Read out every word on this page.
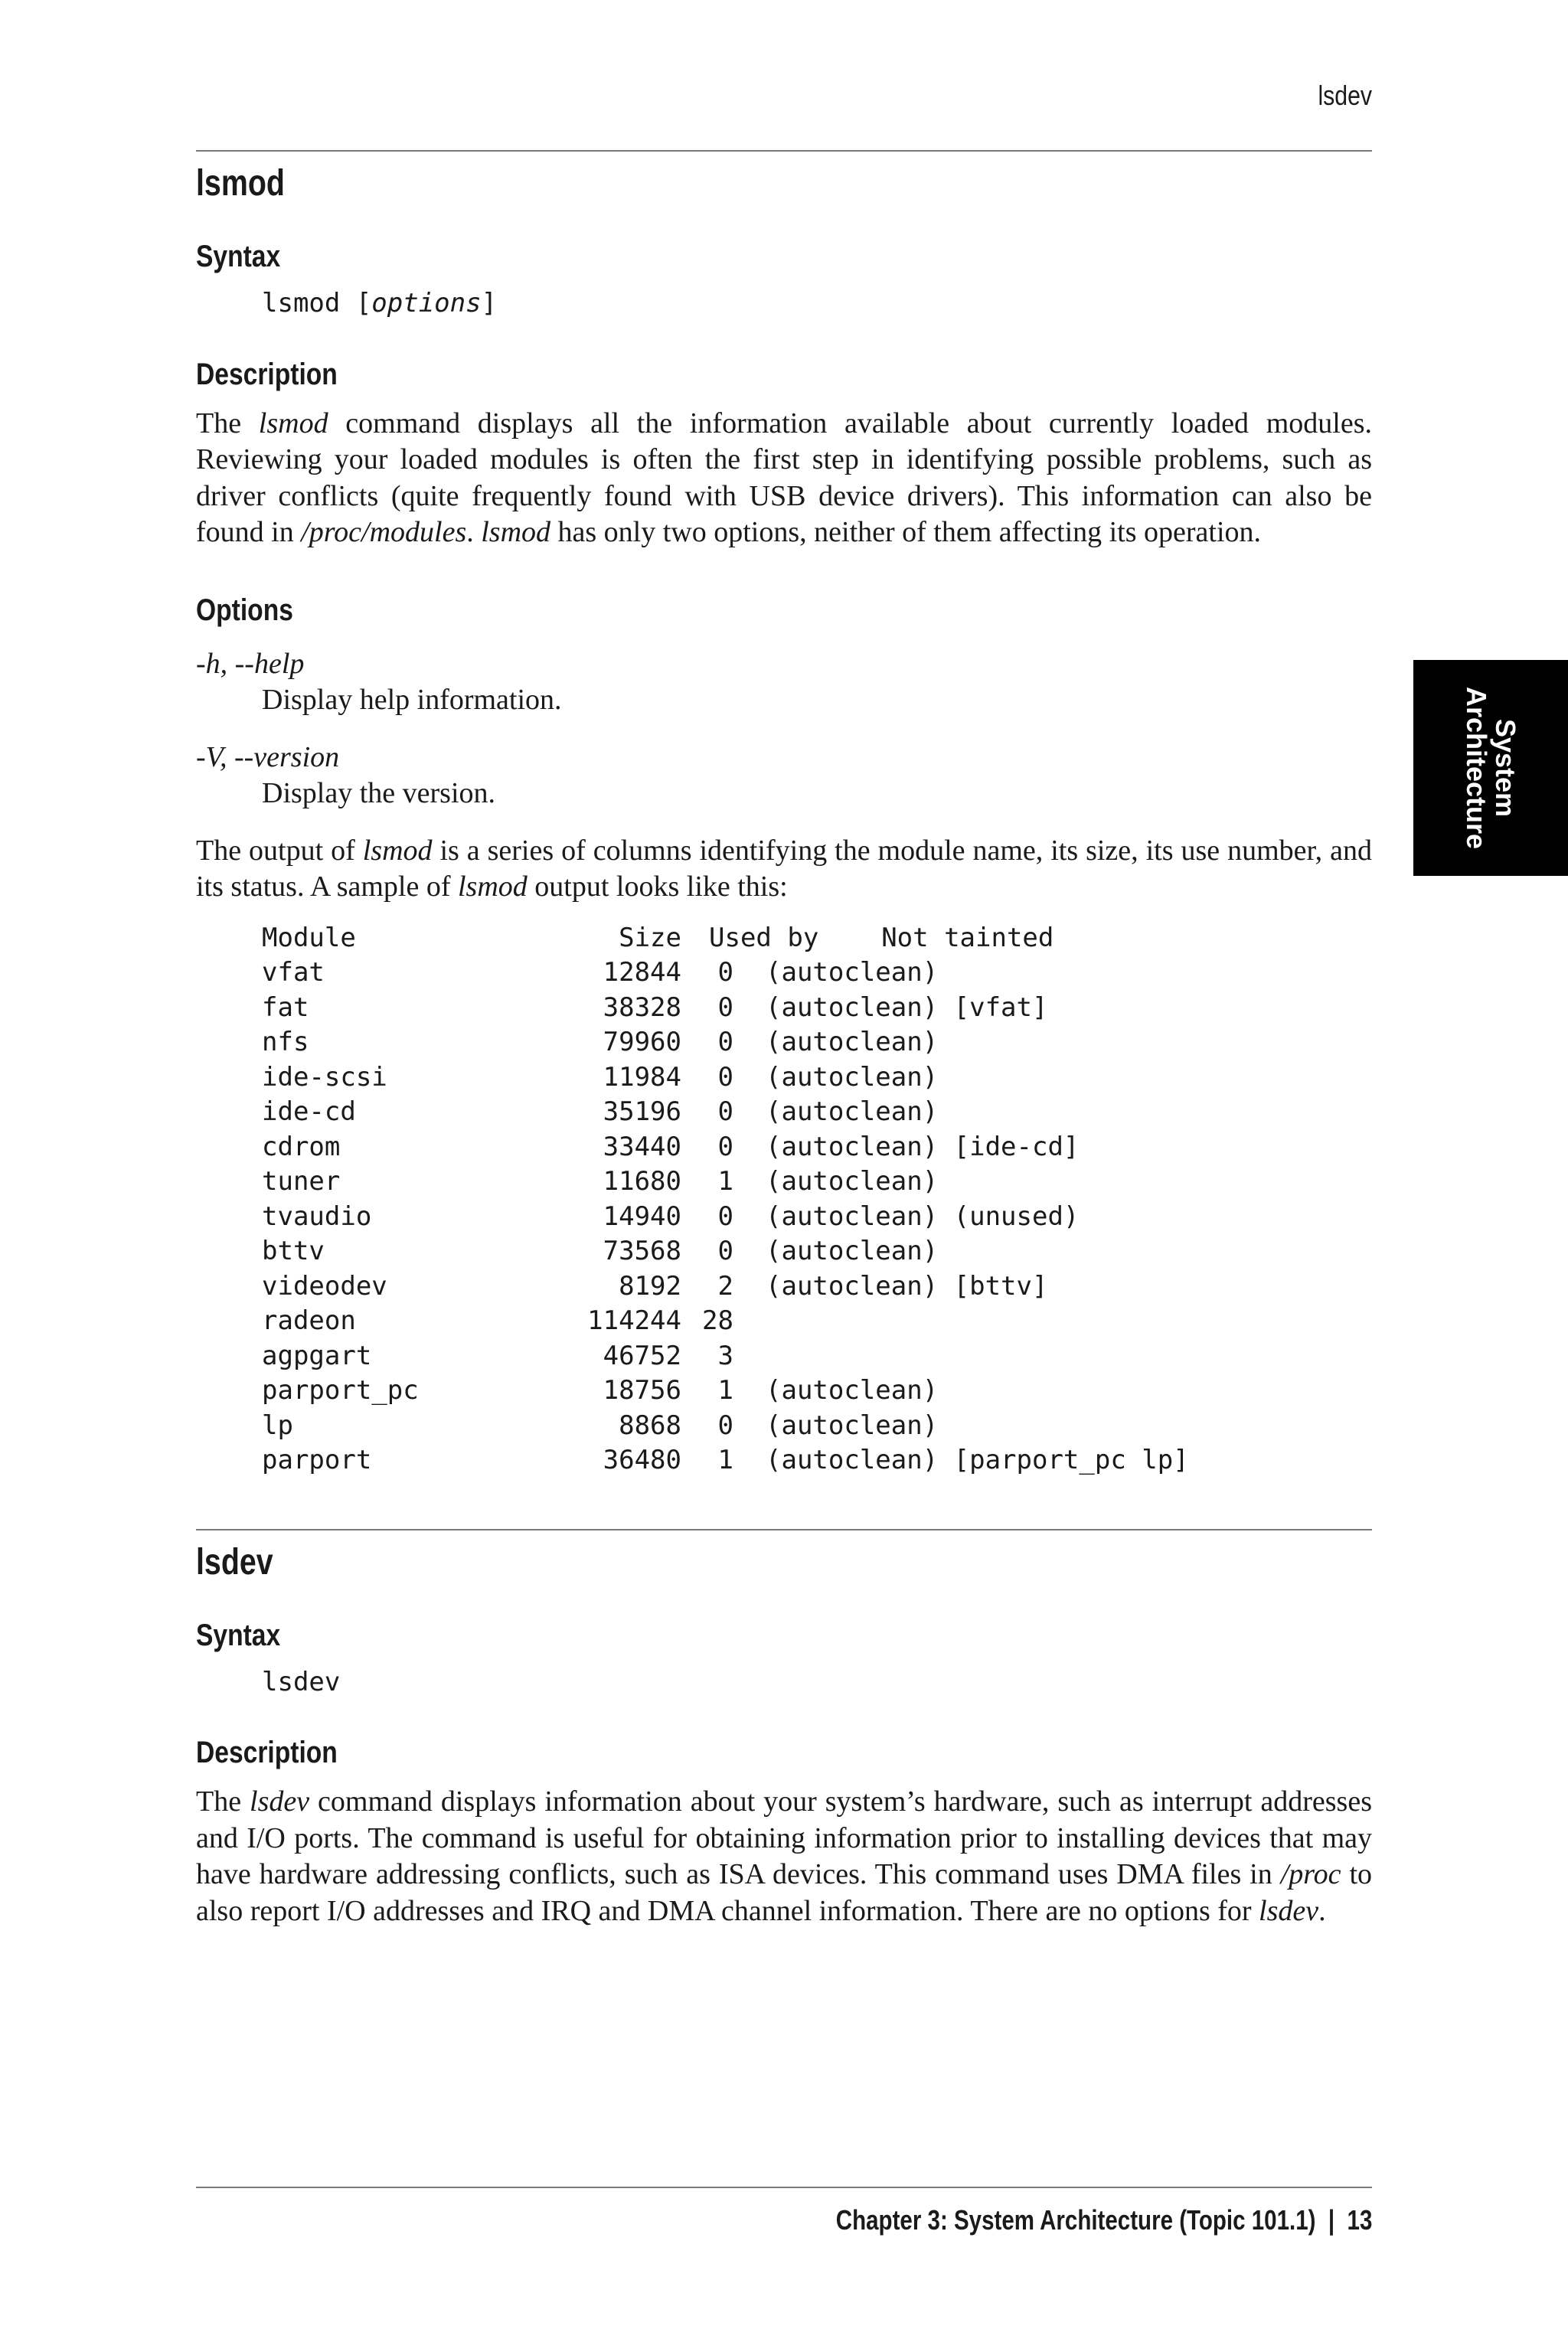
lsdev
System
Architecture
lsmod
Syntax
lsmod [options]
Description

The lsmod command displays all the information available about currently loaded modules. Reviewing your loaded modules is often the first step in identifying possible problems, such as driver conflicts (quite frequently found with USB device drivers). This information can also be found in /proc/modules. lsmod has only two options, neither of them affecting its operation.

Options

-h, --help

Display help information.

-V, --version

Display the version.

The output of lsmod is a series of columns identifying the module name, its size, its use number, and its status. A sample of lsmod output looks like this:

Module	Size	Used by Not tainted	
vfat	12844	0	(autoclean)
fat	38328	0	(autoclean) [vfat]
nfs	79960	0	(autoclean)
ide-scsi	11984	0	(autoclean)
ide-cd	35196	0	(autoclean)
cdrom	33440	0	(autoclean) [ide-cd]
tuner	11680	1	(autoclean)
tvaudio	14940	0	(autoclean) (unused)
bttv	73568	0	(autoclean)
videodev	8192	2	(autoclean) [bttv]
radeon	114244	28	
agpgart	46752	3	
parport_pc	18756	1	(autoclean)
lp	8868	0	(autoclean)
parport	36480	1	(autoclean) [parport_pc lp]
lsdev
Syntax
lsdev
Description

The lsdev command displays information about your system’s hardware, such as interrupt addresses and I/O ports. The command is useful for obtaining information prior to installing devices that may have hardware addressing conflicts, such as ISA devices. This command uses DMA files in /proc to also report I/O addresses and IRQ and DMA channel information. There are no options for lsdev.

Chapter 3: System Architecture (Topic 101.1) | 13
